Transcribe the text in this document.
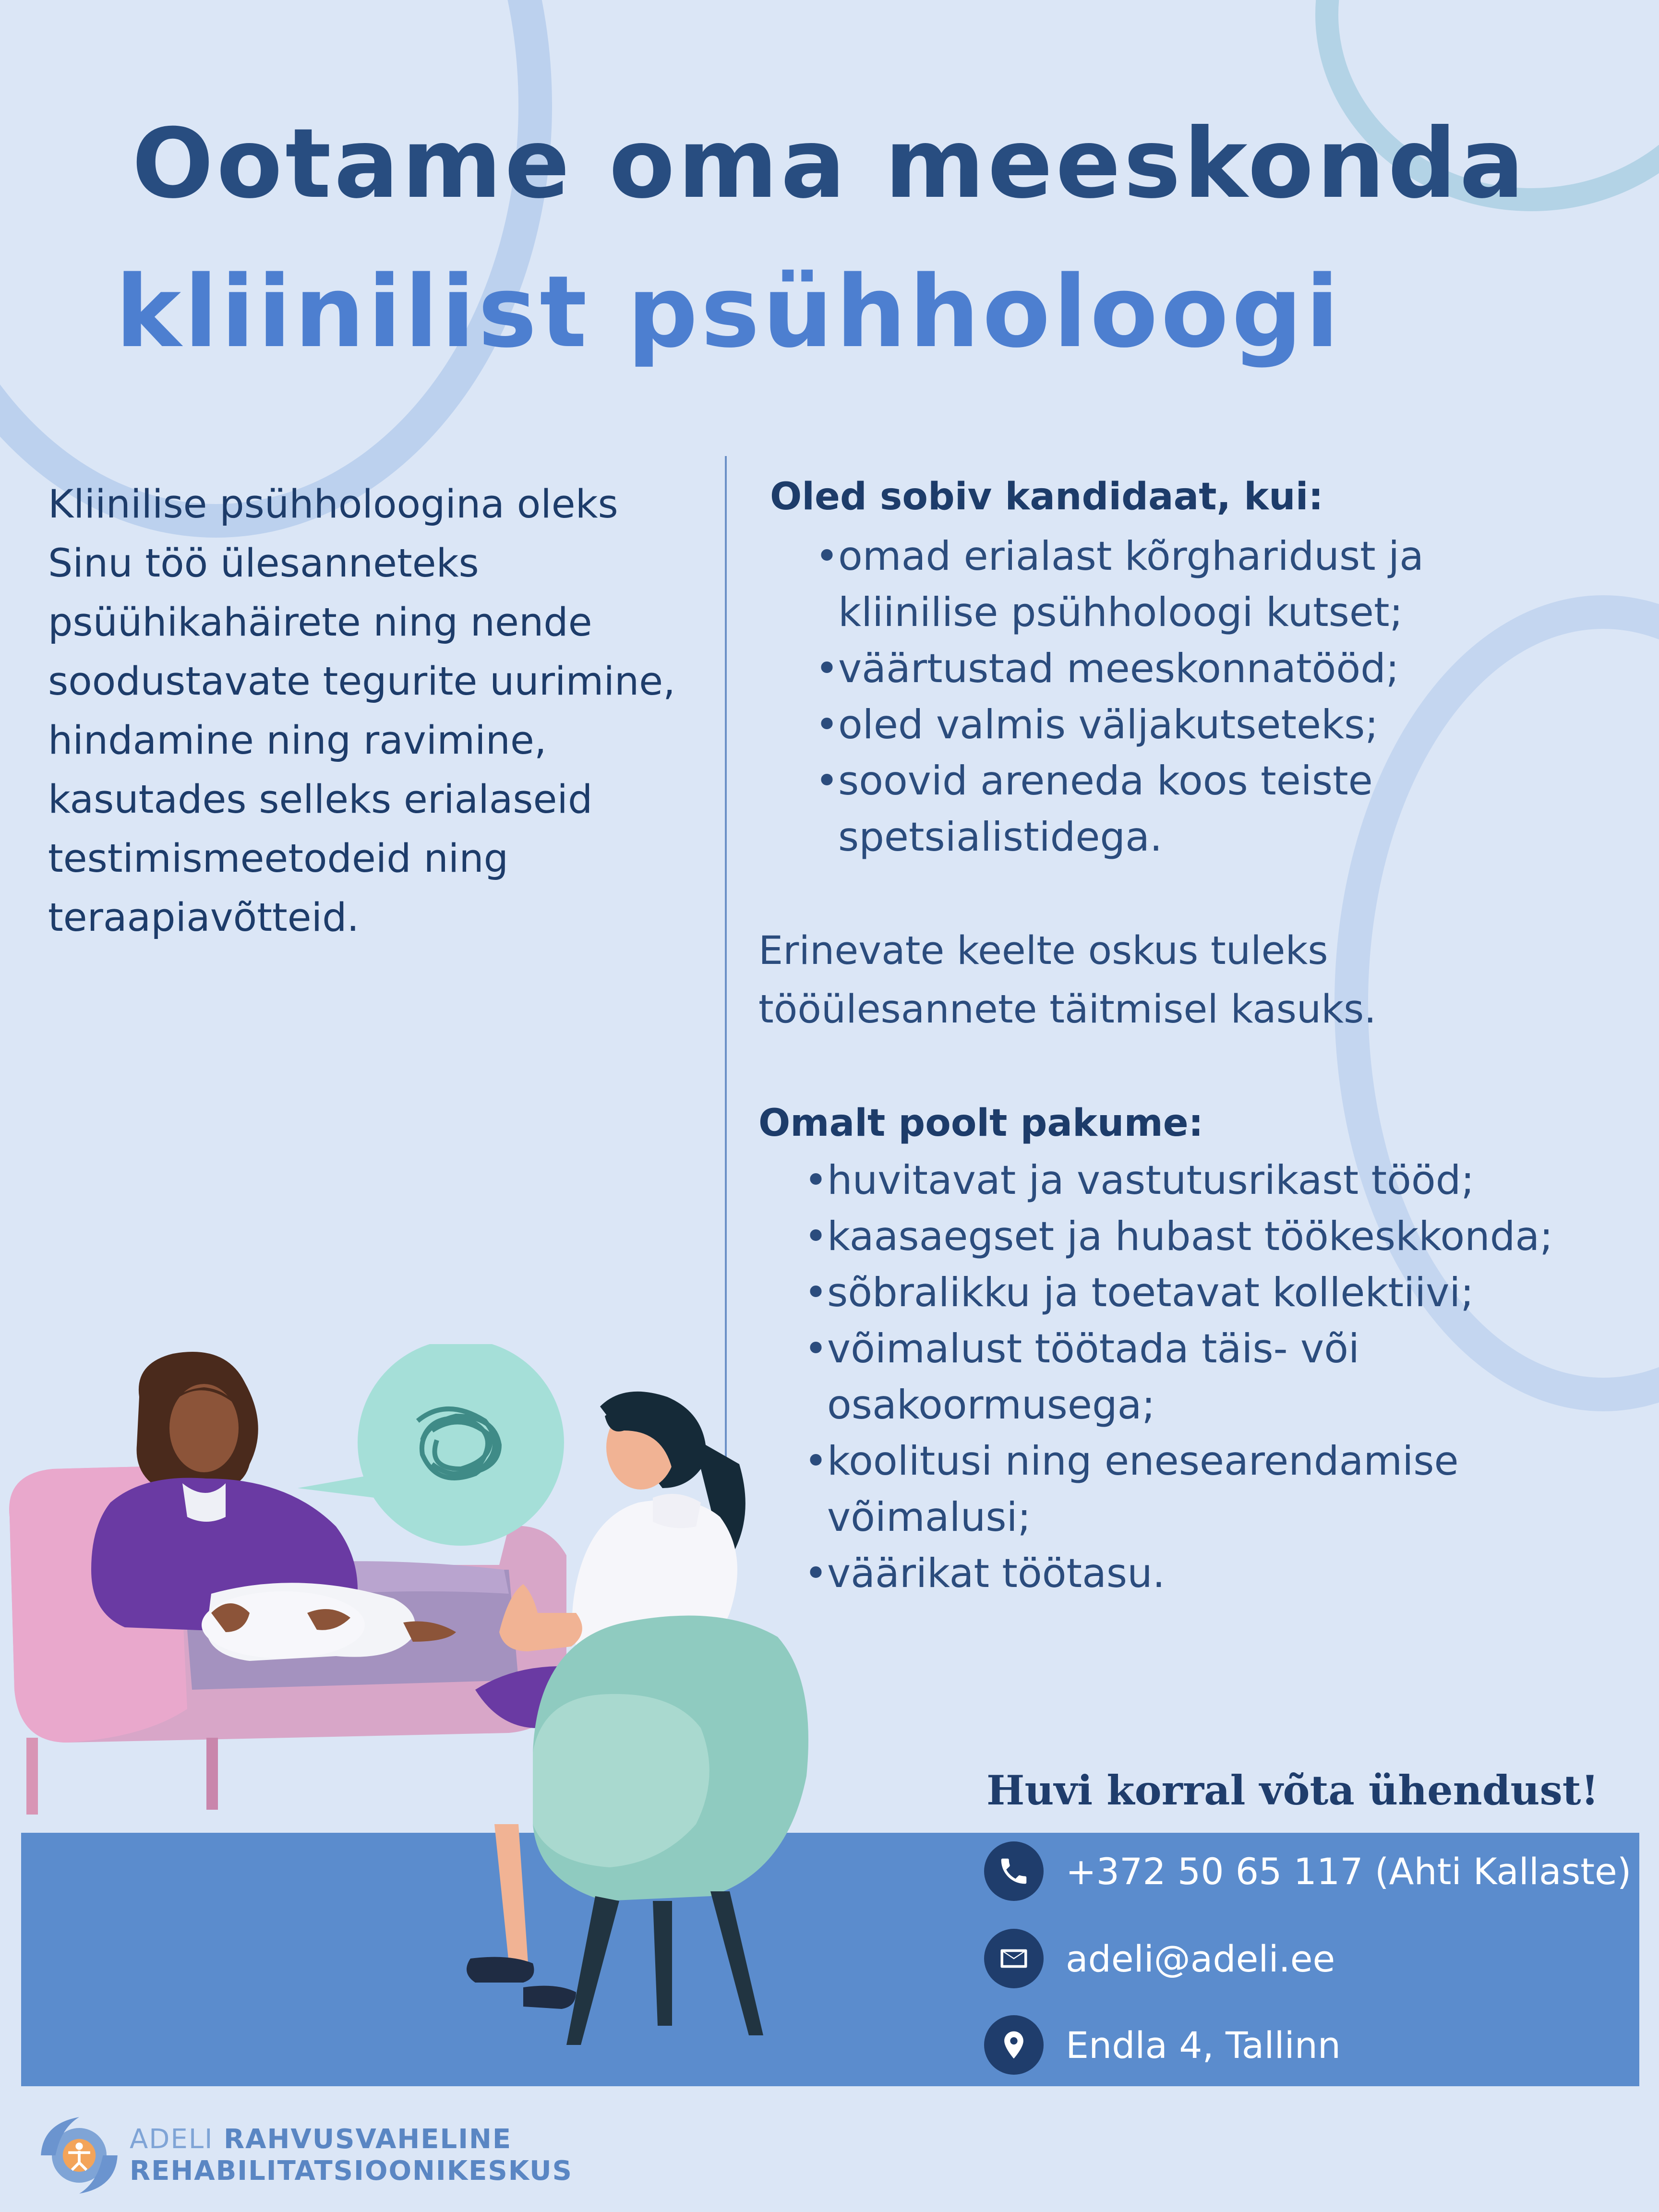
Ootame oma meeskonda
kliinilist psühholoogi

Kliinilise psühholoogina oleks Sinu töö ülesanneteks psüühikahäirete ning nende soodustavate tegurite uurimine, hindamine ning ravimine, kasutades selleks erialaseid testimismeetodeid ning teraapiavõtteid.

Oled sobiv kandidaat, kui:
• omad erialast kõrgharidust ja kliinilise psühholoogi kutset;
• väärtustad meeskonnatööd;
• oled valmis väljakutseteks;
• soovid areneda koos teiste spetsialistidega.

Erinevate keelte oskus tuleks tööülesannete täitmisel kasuks.

Omalt poolt pakume:
• huvitavat ja vastutusrikast tööd;
• kaasaegset ja hubast töökeskkonda;
• sõbralikku ja toetavat kollektiivi;
• võimalust töötada täis- või osakoormusega;
• koolitusi ning enesearendamise võimalusi;
• väärikat töötasu.
Huvi korral võta ühendust!
+372 50 65 117 (Ahti Kallaste)
adeli@adeli.ee
Endla 4, Tallinn
ADELI RAHVUSVAHELINE
REHABILITATSIOONIKESKUS
